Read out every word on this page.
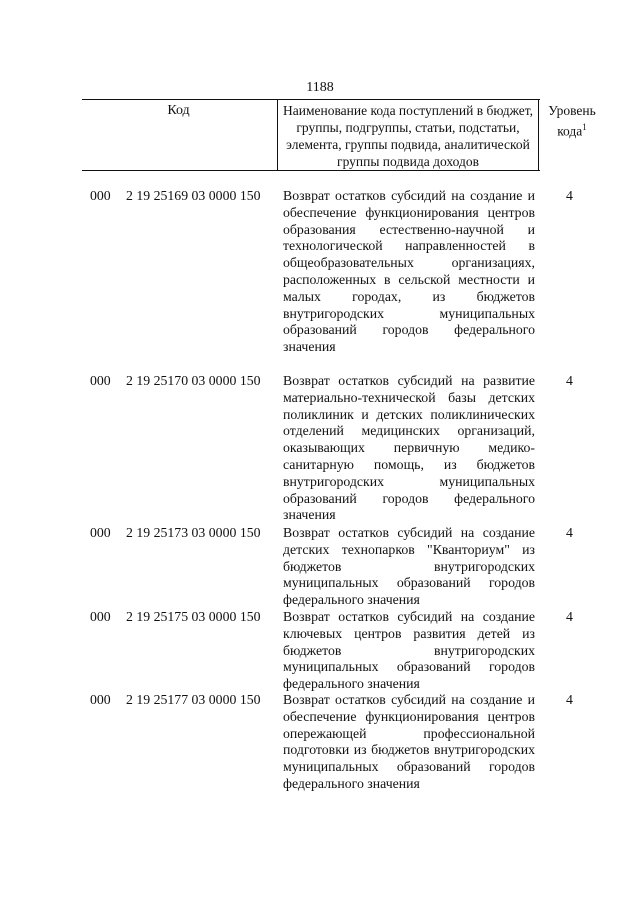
1188
Код	Наименование кода поступлений в бюджет, группы, подгруппы, статьи, подстатьи, элемента, группы подвида, аналитической группы подвида доходов
Уровень кода$^1$
000 2 19 25169 03 0000 150 Возврат остатков субсидий на создание и обеспечение функционирования центров образования естественно-научной и технологической направленностей в общеобразовательных организациях, расположенных в сельской местности и малых городах, из бюджетов внутригородских муниципальных образований городов федерального значения
4
000 2 19 25170 03 0000 150 Возврат остатков субсидий на развитие материально-технической базы детских поликлиник и детских поликлинических отделений медицинских организаций, оказывающих первичную медико-санитарную помощь, из бюджетов внутригородских муниципальных образований городов федерального значения
4
000 2 19 25173 03 0000 150 Возврат остатков субсидий на создание детских технопарков "Кванториум" из бюджетов внутригородских муниципальных образований городов федерального значения
4
000 2 19 25175 03 0000 150 Возврат остатков субсидий на создание ключевых центров развития детей из бюджетов внутригородских муниципальных образований городов федерального значения
4
000 2 19 25177 03 0000 150 Возврат остатков субсидий на создание и обеспечение функционирования центров опережающей профессиональной подготовки из бюджетов внутригородских муниципальных образований городов федерального значения
4
